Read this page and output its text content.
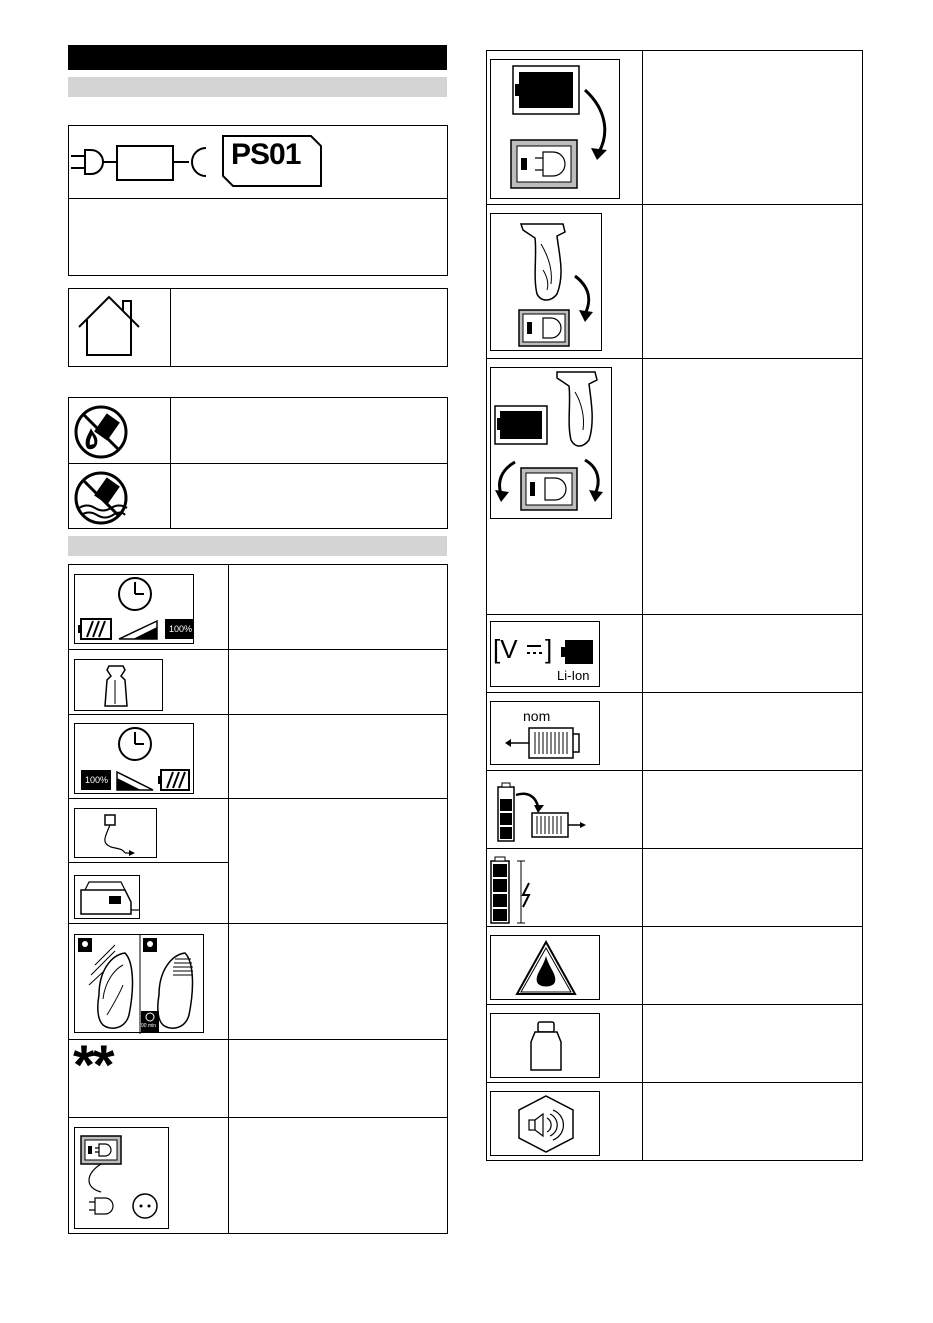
PS01
100%
100%
90 min
**
[V ]
Li-Ion
nom
